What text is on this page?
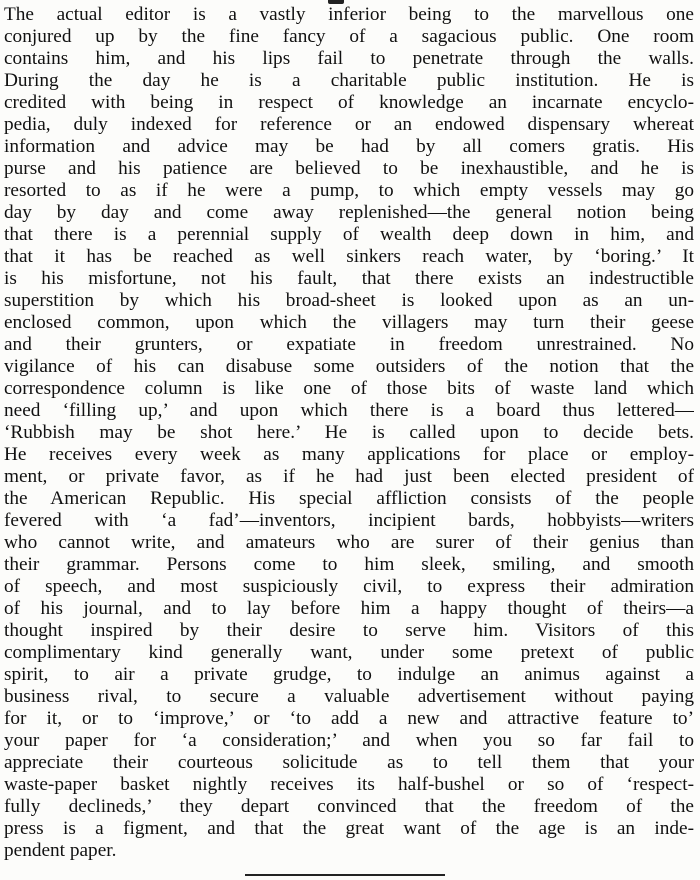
The actual editor is a vastly inferior being to the marvellous one
conjured up by the fine fancy of a sagacious public. One room
contains him, and his lips fail to penetrate through the walls.
During the day he is a charitable public institution. He is
credited with being in respect of knowledge an incarnate encyclo-
pedia, duly indexed for reference or an endowed dispensary whereat
information and advice may be had by all comers gratis. His
purse and his patience are believed to be inexhaustible, and he is
resorted to as if he were a pump, to which empty vessels may go
day by day and come away replenished—the general notion being
that there is a perennial supply of wealth deep down in him, and
that it has be reached as well sinkers reach water, by ‘boring.’ It
is his misfortune, not his fault, that there exists an indestructible
superstition by which his broad-sheet is looked upon as an un-
enclosed common, upon which the villagers may turn their geese
and their grunters, or expatiate in freedom unrestrained. No
vigilance of his can disabuse some outsiders of the notion that the
correspondence column is like one of those bits of waste land which
need ‘filling up,’ and upon which there is a board thus lettered—
‘Rubbish may be shot here.’ He is called upon to decide bets.
He receives every week as many applications for place or employ-
ment, or private favor, as if he had just been elected president of
the American Republic. His special affliction consists of the people
fevered with ‘a fad’—inventors, incipient bards, hobbyists—writers
who cannot write, and amateurs who are surer of their genius than
their grammar. Persons come to him sleek, smiling, and smooth
of speech, and most suspiciously civil, to express their admiration
of his journal, and to lay before him a happy thought of theirs—a
thought inspired by their desire to serve him. Visitors of this
complimentary kind generally want, under some pretext of public
spirit, to air a private grudge, to indulge an animus against a
business rival, to secure a valuable advertisement without paying
for it, or to ‘improve,’ or ‘to add a new and attractive feature to’
your paper for ‘a consideration;’ and when you so far fail to
appreciate their courteous solicitude as to tell them that your
waste-paper basket nightly receives its half-bushel or so of ‘respect-
fully declineds,’ they depart convinced that the freedom of the
press is a figment, and that the great want of the age is an inde-
pendent paper.
